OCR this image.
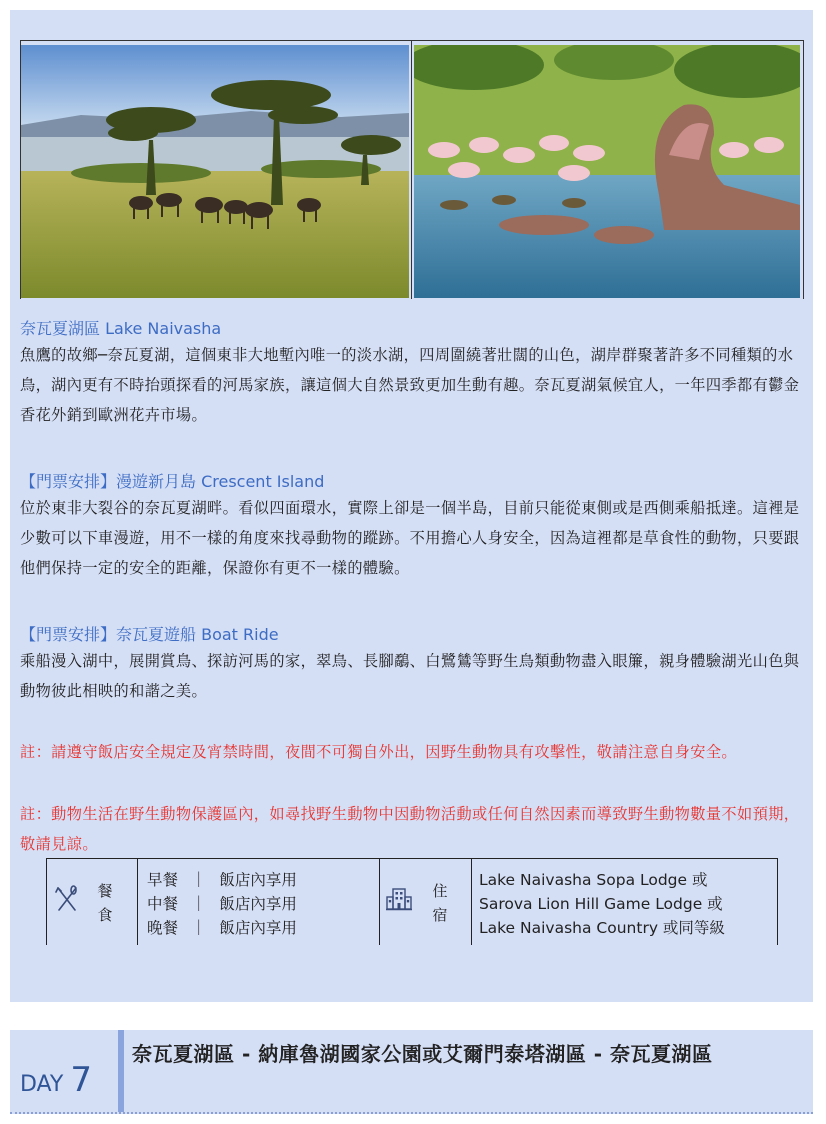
奈瓦夏湖區 Lake Naivasha
魚鷹的故鄉─奈瓦夏湖，這個東非大地塹內唯一的淡水湖，四周圍繞著壯闊的山色，湖岸群聚著許多不同種類的水鳥，湖內更有不時抬頭探看的河馬家族，讓這個大自然景致更加生動有趣。奈瓦夏湖氣候宜人，一年四季都有鬱金香花外銷到歐洲花卉市場。
【門票安排】漫遊新月島 Crescent Island
位於東非大裂谷的奈瓦夏湖畔。看似四面環水，實際上卻是一個半島，目前只能從東側或是西側乘船抵達。這裡是少數可以下車漫遊，用不一樣的角度來找尋動物的蹤跡。不用擔心人身安全，因為這裡都是草食性的動物，只要跟他們保持一定的安全的距離，保證你有更不一樣的體驗。
【門票安排】奈瓦夏遊船 Boat Ride
乘船漫入湖中，展開賞鳥、探訪河馬的家，翠鳥、長腳鷸、白鷺鷥等野生鳥類動物盡入眼簾，親身體驗湖光山色與動物彼此相映的和諧之美。
註：請遵守飯店安全規定及宵禁時間，夜間不可獨自外出，因野生動物具有攻擊性，敬請注意自身安全。
註：動物生活在野生動物保護區內，如尋找野生動物中因動物活動或任何自然因素而導致野生動物數量不如預期，敬請見諒。
餐
食
早餐 ｜ 飯店內享用
中餐 ｜ 飯店內享用
晚餐 ｜ 飯店內享用
住
宿
Lake Naivasha Sopa Lodge 或
Sarova Lion Hill Game Lodge 或
Lake Naivasha Country 或同等級
DAY 7
奈瓦夏湖區 - 納庫魯湖國家公園或艾爾門泰塔湖區 - 奈瓦夏湖區
